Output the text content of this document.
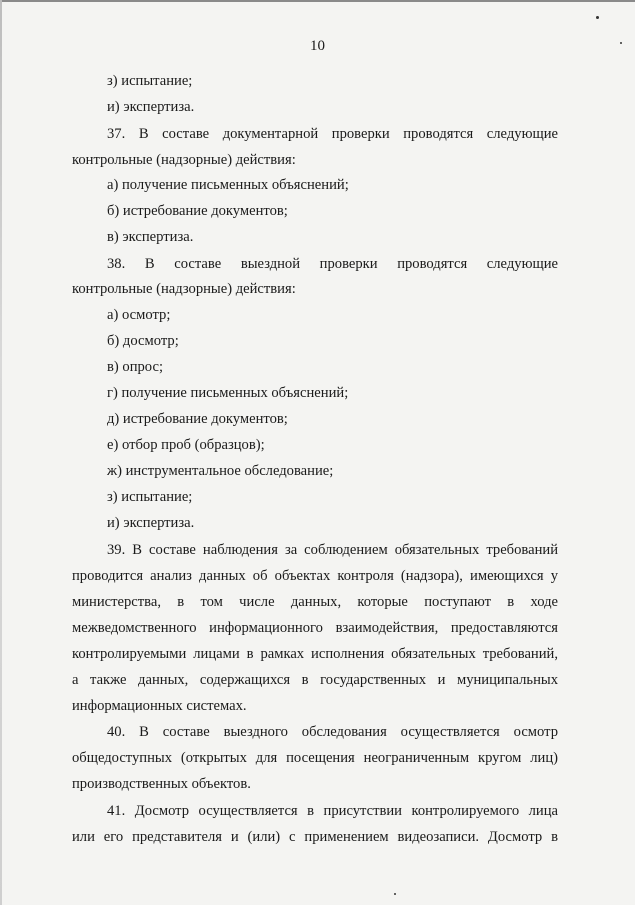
10
з) испытание;
и) экспертиза.
37. В составе документарной проверки проводятся следующие
контрольные (надзорные) действия:
а) получение письменных объяснений;
б) истребование документов;
в) экспертиза.
38. В составе выездной проверки проводятся следующие
контрольные (надзорные) действия:
а) осмотр;
б) досмотр;
в) опрос;
г) получение письменных объяснений;
д) истребование документов;
е) отбор проб (образцов);
ж) инструментальное обследование;
з) испытание;
и) экспертиза.
39. В составе наблюдения за соблюдением обязательных требований
проводится анализ данных об объектах контроля (надзора), имеющихся у
министерства, в том числе данных, которые поступают в ходе
межведомственного информационного взаимодействия, предоставляются
контролируемыми лицами в рамках исполнения обязательных требований,
а также данных, содержащихся в государственных и муниципальных
информационных системах.
40. В составе выездного обследования осуществляется осмотр
общедоступных (открытых для посещения неограниченным кругом лиц)
производственных объектов.
41. Досмотр осуществляется в присутствии контролируемого лица
или его представителя и (или) с применением видеозаписи. Досмотр в
